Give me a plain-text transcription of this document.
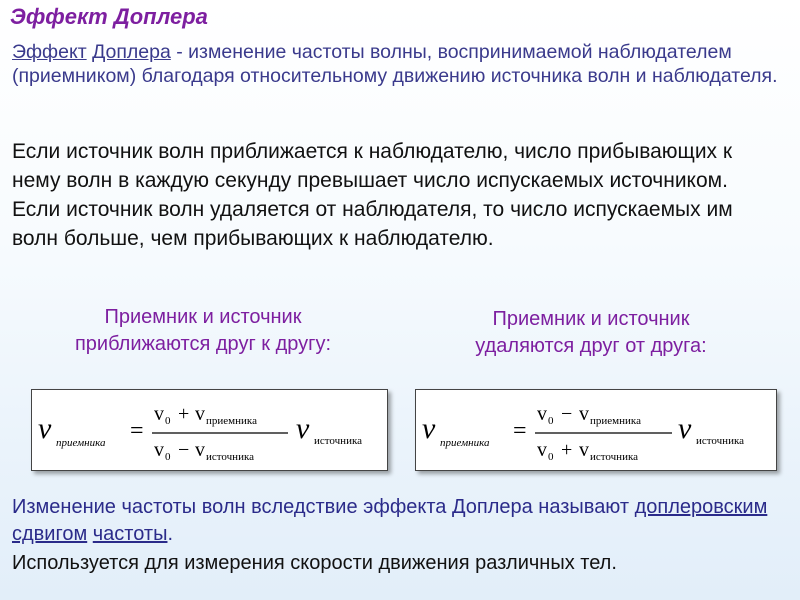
Эффект Доплера
Эффект Доплера - изменение частоты волны, воспринимаемой наблюдателем (приемником) благодаря относительному движению источника волн и наблюдателя.
Если источник волн приближается к наблюдателю, число прибывающих к нему волн в каждую секунду превышает число испускаемых источником. Если источник волн удаляется от наблюдателя, то число испускаемых им волн больше, чем прибывающих к наблюдателю.
Приемник и источник
приближаются друг к другу:
Приемник и источник
удаляются друг от друга:
ν приемника =
v 0 + v приемника
v 0 − v источника
ν источника ν приемника =
v 0 − v приемника
v 0 + v источника
ν источника
Изменение частоты волн вследствие эффекта Доплера называют доплеровским сдвигом частоты.
Используется для измерения скорости движения различных тел.
